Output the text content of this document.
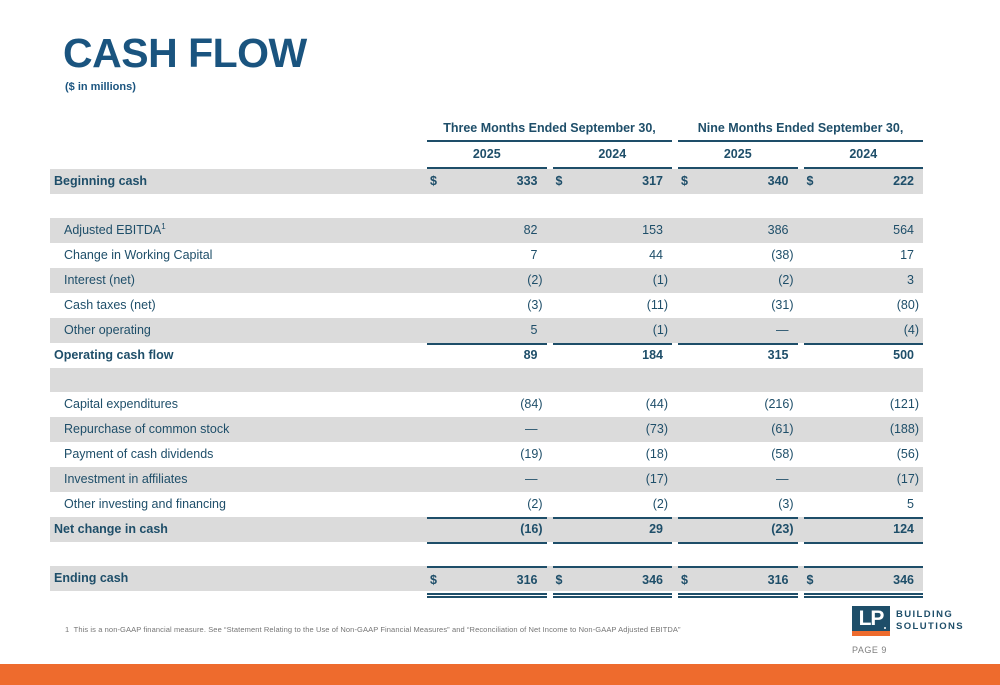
CASH FLOW
($ in millions)
Three Months Ended September 30,	Nine Months Ended September 30,
2025	2024	2025	2024
Beginning cash	$	333	$	317	$	340	$	222
Adjusted EBITDA$^1$	82	153	386	564
Change in Working Capital	7	44	(38)	17
Interest (net)	(2)	(1)	(2)	3
Cash taxes (net)	(3)	(11)	(31)	(80)
Other operating	5	(1)	—	(4)
Operating cash flow	89	184	315	500
Capital expenditures	(84)	(44)	(216)	(121)
Repurchase of common stock	—	(73)	(61)	(188)
Payment of cash dividends	(19)	(18)	(58)	(56)
Investment in affiliates	—	(17)	—	(17)
Other investing and financing	(2)	(2)	(3)	5
Net change in cash	(16)	29	(23)	124
Ending cash	$	316	$	346	$	316	$	346
1  This is a non-GAAP financial measure. See “Statement Relating to the Use of Non-GAAP Financial Measures” and “Reconciliation of Net Income to Non-GAAP Adjusted EBITDA”	LP	BUILDING
SOLUTIONS
PAGE 9
